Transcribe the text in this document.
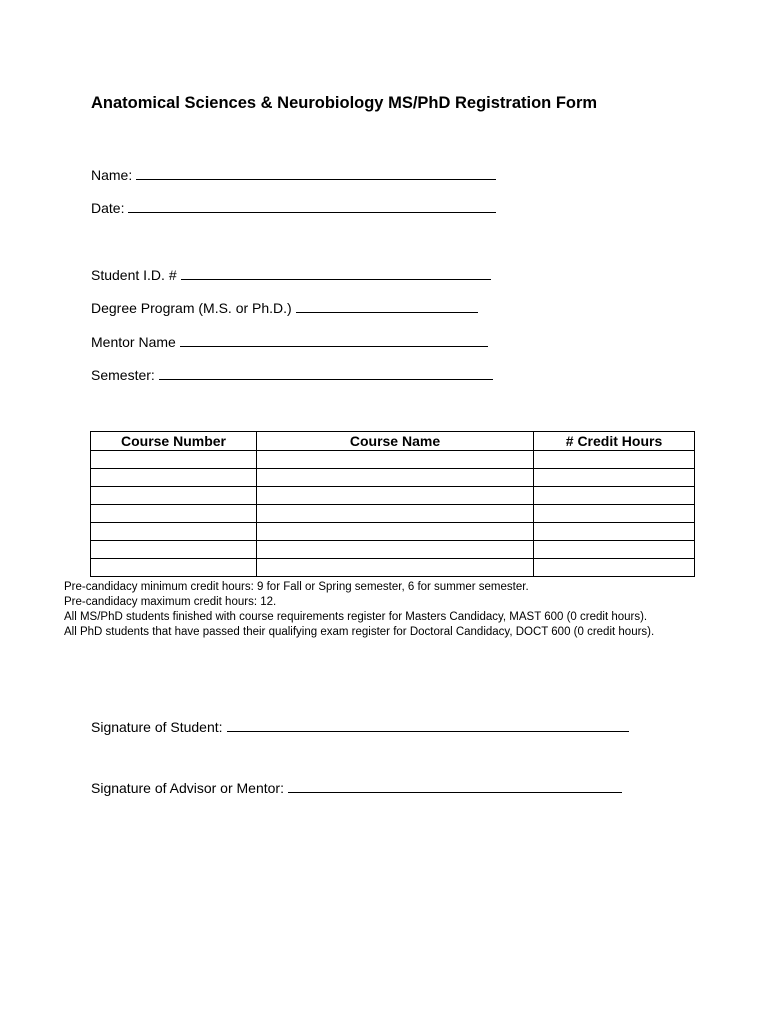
Anatomical Sciences & Neurobiology MS/PhD Registration Form
Name:
Date:
Student I.D. #
Degree Program (M.S. or Ph.D.)
Mentor Name
Semester:
Course Number	Course Name	# Credit Hours

Pre-candidacy minimum credit hours: 9 for Fall or Spring semester, 6 for summer semester.
Pre-candidacy maximum credit hours: 12.
All MS/PhD students finished with course requirements register for Masters Candidacy, MAST 600 (0 credit hours).
All PhD students that have passed their qualifying exam register for Doctoral Candidacy, DOCT 600 (0 credit hours).
Signature of Student:
Signature of Advisor or Mentor:
